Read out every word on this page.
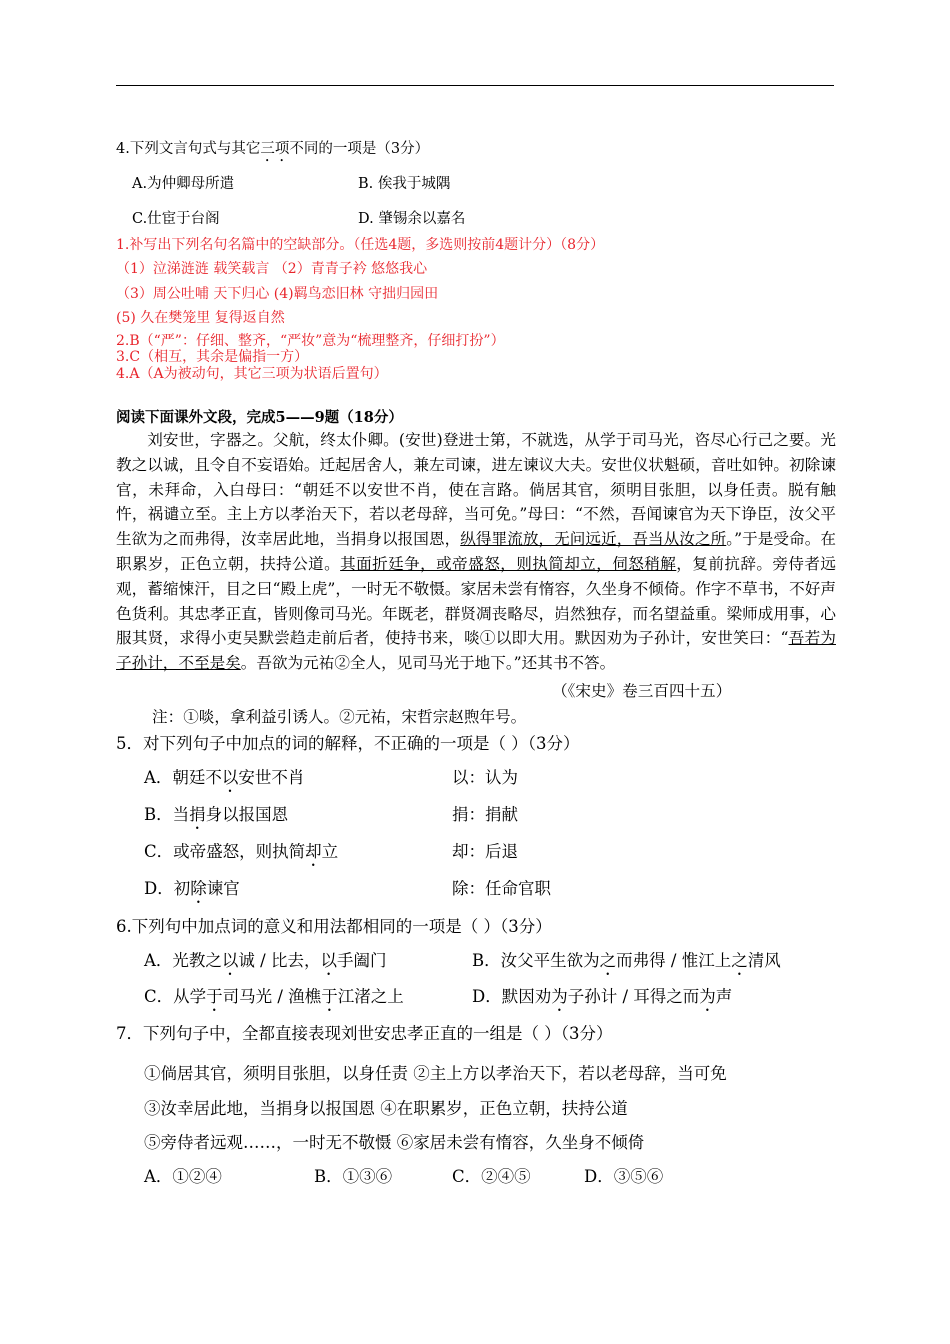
4.下列文言句式与其它三项不同的一项是（3分）
A.为仲卿母所遣	B. 俟我于城隅
C.仕宦于台阁	D. 肇锡余以嘉名
1.补写出下列名句名篇中的空缺部分。（任选4题，多选则按前4题计分）（8分）
（1）泣涕涟涟 载笑载言 （2）青青子衿 悠悠我心
（3）周公吐哺 天下归心 (4)羁鸟恋旧林 守拙归园田
(5) 久在樊笼里 复得返自然
2.B（“严”：仔细、整齐，“严妆”意为“梳理整齐，仔细打扮”）
3.C（相互，其余是偏指一方）
4.A（A为被动句，其它三项为状语后置句）
阅读下面课外文段，完成5——9题（18分）

刘安世，字器之。父航，终太仆卿。(安世)登进士第，不就选，从学于司马光，咨尽心行己之要。光教之以诚，且令自不妄语始。迁起居舍人，兼左司谏，进左谏议大夫。安世仪状魁硕，音吐如钟。初除谏官，未拜命，入白母曰：“朝廷不以安世不肖，使在言路。倘居其官，须明目张胆，以身任责。脱有触忤，祸谴立至。主上方以孝治天下，若以老母辞，当可免。”母曰：“不然，吾闻谏官为天下诤臣，汝父平生欲为之而弗得，汝幸居此地，当捐身以报国恩，纵得罪流放，无问远近，吾当从汝之所。”于是受命。在职累岁，正色立朝，扶持公道。其面折廷争，或帝盛怒，则执简却立，伺怒稍解，复前抗辞。旁侍者远观，蓄缩悚汗，目之曰“殿上虎”，一时无不敬慑。家居未尝有惰容，久坐身不倾倚。作字不草书，不好声色货利。其忠孝正直，皆则像司马光。年既老，群贤凋丧略尽，岿然独存，而名望益重。梁师成用事，心服其贤，求得小吏吴默尝趋走前后者，使持书来，啖①以即大用。默因劝为子孙计，安世笑曰：“吾若为子孙计，不至是矣。吾欲为元祐②全人，见司马光于地下。”还其书不答。

（《宋史》卷三百四十五）
注：①啖，拿利益引诱人。②元祐，宋哲宗赵煦年号。
5．对下列句子中加点的词的解释，不正确的一项是（ ）（3分）
A．朝廷不以安世不肖	以：认为
B．当捐身以报国恩	捐：捐献
C．或帝盛怒，则执简却立	却：后退
D．初除谏官	除：任命官职
6.下列句中加点词的意义和用法都相同的一项是（ ）（3分）
A．光教之以诚 / 比去，以手阖门	B．汝父平生欲为之而弗得 / 惟江上之清风
C．从学于司马光 / 渔樵于江渚之上	D．默因劝为子孙计 / 耳得之而为声
7．下列句子中，全都直接表现刘世安忠孝正直的一组是（ ）（3分）
①倘居其官，须明目张胆，以身任责 ②主上方以孝治天下，若以老母辞，当可免
③汝幸居此地，当捐身以报国恩 ④在职累岁，正色立朝，扶持公道
⑤旁侍者远观……，一时无不敬慑 ⑥家居未尝有惰容，久坐身不倾倚
A．①②④	B．①③⑥	C．②④⑤	D．③⑤⑥
